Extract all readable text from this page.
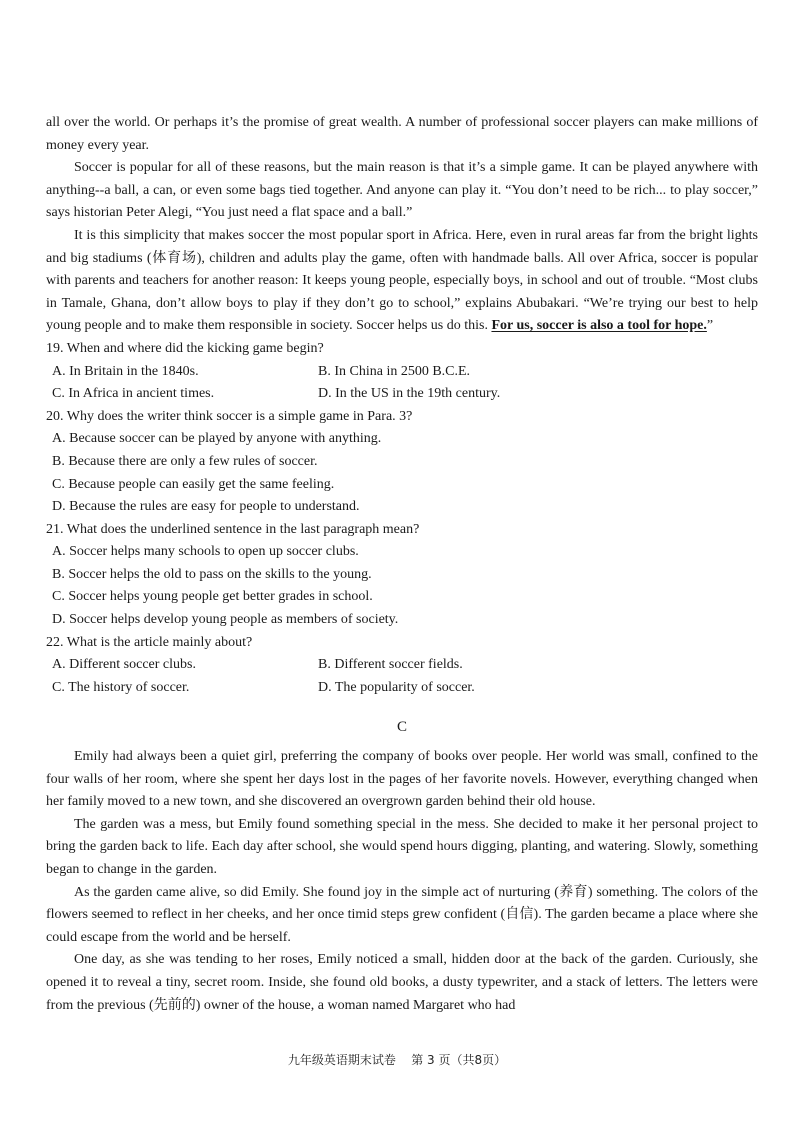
all over the world. Or perhaps it’s the promise of great wealth. A number of professional soccer players can make millions of money every year.

Soccer is popular for all of these reasons, but the main reason is that it’s a simple game. It can be played anywhere with anything--a ball, a can, or even some bags tied together. And anyone can play it. “You don’t need to be rich... to play soccer,” says historian Peter Alegi, “You just need a flat space and a ball.”

It is this simplicity that makes soccer the most popular sport in Africa. Here, even in rural areas far from the bright lights and big stadiums (体育场), children and adults play the game, often with handmade balls. All over Africa, soccer is popular with parents and teachers for another reason: It keeps young people, especially boys, in school and out of trouble. “Most clubs in Tamale, Ghana, don’t allow boys to play if they don’t go to school,” explains Abubakari. “We’re trying our best to help young people and to make them responsible in society. Soccer helps us do this. For us, soccer is also a tool for hope.”

19. When and where did the kicking game begin?

A. In Britain in the 1840s.	B. In China in 2500 B.C.E.
C. In Africa in ancient times.	D. In the US in the 19th century.

20. Why does the writer think soccer is a simple game in Para. 3?

A. Because soccer can be played by anyone with anything.
B. Because there are only a few rules of soccer.
C. Because people can easily get the same feeling.
D. Because the rules are easy for people to understand.

21. What does the underlined sentence in the last paragraph mean?

A. Soccer helps many schools to open up soccer clubs.
B. Soccer helps the old to pass on the skills to the young.
C. Soccer helps young people get better grades in school.
D. Soccer helps develop young people as members of society.

22. What is the article mainly about?

A. Different soccer clubs.	B. Different soccer fields.
C. The history of soccer.	D. The popularity of soccer.
C

Emily had always been a quiet girl, preferring the company of books over people. Her world was small, confined to the four walls of her room, where she spent her days lost in the pages of her favorite novels. However, everything changed when her family moved to a new town, and she discovered an overgrown garden behind their old house.

The garden was a mess, but Emily found something special in the mess. She decided to make it her personal project to bring the garden back to life. Each day after school, she would spend hours digging, planting, and watering. Slowly, something began to change in the garden.

As the garden came alive, so did Emily. She found joy in the simple act of nurturing (养育) something. The colors of the flowers seemed to reflect in her cheeks, and her once timid steps grew confident (自信). The garden became a place where she could escape from the world and be herself.

One day, as she was tending to her roses, Emily noticed a small, hidden door at the back of the garden. Curiously, she opened it to reveal a tiny, secret room. Inside, she found old books, a dusty typewriter, and a stack of letters. The letters were from the previous (先前的) owner of the house, a woman named Margaret who had

九年级英语期末试卷 第 3 页（共8页）
